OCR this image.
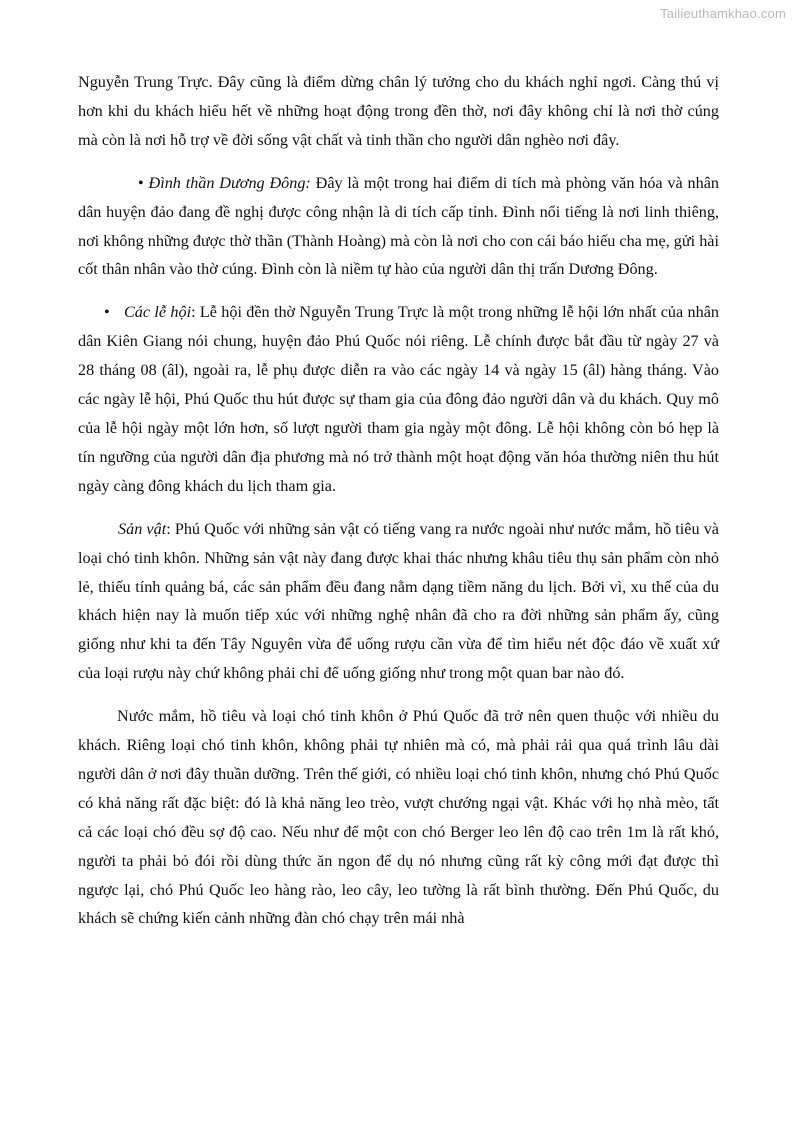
Tailieuthamkhao.com

Nguyễn Trung Trực. Đây cũng là điểm dừng chân lý tưởng cho du khách nghỉ ngơi. Càng thú vị hơn khi du khách hiểu hết về những hoạt động trong đền thờ, nơi đây không chỉ là nơi thờ cúng mà còn là nơi hỗ trợ về đời sống vật chất và tinh thần cho người dân nghèo nơi đây.

• Đình thần Dương Đông: Đây là một trong hai điểm di tích mà phòng văn hóa và nhân dân huyện đảo đang đề nghị được công nhận là di tích cấp tỉnh. Đình nổi tiếng là nơi linh thiêng, nơi không những được thờ thần (Thành Hoàng) mà còn là nơi cho con cái báo hiếu cha mẹ, gửi hài cốt thân nhân vào thờ cúng. Đình còn là niềm tự hào của người dân thị trấn Dương Đông.

• Các lễ hội: Lễ hội đền thờ Nguyễn Trung Trực là một trong những lễ hội lớn nhất của nhân dân Kiên Giang nói chung, huyện đảo Phú Quốc nói riêng. Lễ chính được bắt đầu từ ngày 27 và 28 tháng 08 (âl), ngoài ra, lễ phụ được diễn ra vào các ngày 14 và ngày 15 (âl) hàng tháng. Vào các ngày lễ hội, Phú Quốc thu hút được sự tham gia của đông đảo người dân và du khách. Quy mô của lễ hội ngày một lớn hơn, số lượt người tham gia ngày một đông. Lễ hội không còn bó hẹp là tín ngưỡng của người dân địa phương mà nó trở thành một hoạt động văn hóa thường niên thu hút ngày càng đông khách du lịch tham gia.

Sản vật: Phú Quốc với những sản vật có tiếng vang ra nước ngoài như nước mắm, hồ tiêu và loại chó tinh khôn. Những sản vật này đang được khai thác nhưng khâu tiêu thụ sản phẩm còn nhỏ lẻ, thiếu tính quảng bá, các sản phẩm đều đang nằm dạng tiềm năng du lịch. Bởi vì, xu thế của du khách hiện nay là muốn tiếp xúc với những nghệ nhân đã cho ra đời những sản phẩm ấy, cũng giống như khi ta đến Tây Nguyên vừa để uống rượu cần vừa để tìm hiểu nét độc đáo về xuất xứ của loại rượu này chứ không phải chỉ để uống giống như trong một quan bar nào đó.

Nước mắm, hồ tiêu và loại chó tinh khôn ở Phú Quốc đã trở nên quen thuộc với nhiều du khách. Riêng loại chó tinh khôn, không phải tự nhiên mà có, mà phải rải qua quá trình lâu dài người dân ở nơi đây thuần dưỡng. Trên thế giới, có nhiều loại chó tinh khôn, nhưng chó Phú Quốc có khả năng rất đặc biệt: đó là khả năng leo trèo, vượt chướng ngại vật. Khác với họ nhà mèo, tất cả các loại chó đều sợ độ cao. Nếu như để một con chó Berger leo lên độ cao trên 1m là rất khó, người ta phải bỏ đói rồi dùng thức ăn ngon để dụ nó nhưng cũng rất kỳ công mới đạt được thì ngược lại, chó Phú Quốc leo hàng rào, leo cây, leo tường là rất bình thường. Đến Phú Quốc, du khách sẽ chứng kiến cảnh những đàn chó chạy trên mái nhà
